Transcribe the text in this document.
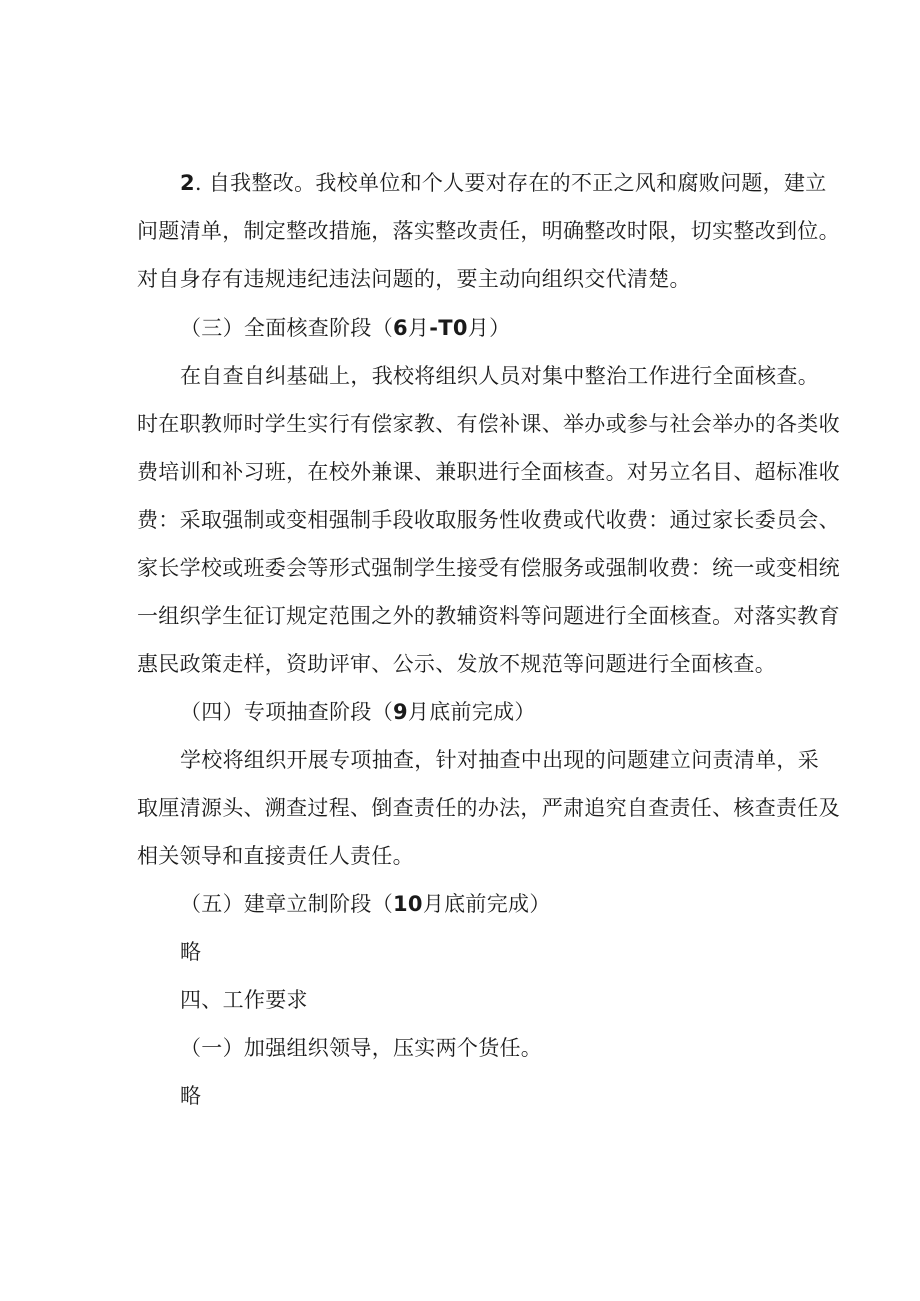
2. 自我整改。我校单位和个人要对存在的不正之风和腐败问题，建立
问题清单，制定整改措施，落实整改责任，明确整改时限，切实整改到位。
对自身存有违规违纪违法问题的，要主动向组织交代清楚。
（三）全面核查阶段（6月-T0月）
在自查自纠基础上，我校将组织人员对集中整治工作进行全面核查。
时在职教师时学生实行有偿家教、有偿补课、举办或参与社会举办的各类收
费培训和补习班，在校外兼课、兼职进行全面核查。对另立名目、超标准收
费：采取强制或变相强制手段收取服务性收费或代收费：通过家长委员会、
家长学校或班委会等形式强制学生接受有偿服务或强制收费：统一或变相统
一组织学生征订规定范围之外的教辅资料等问题进行全面核查。对落实教育
惠民政策走样，资助评审、公示、发放不规范等问题进行全面核查。
（四）专项抽查阶段（9月底前完成）
学校将组织开展专项抽查，针对抽查中出现的问题建立问责清单，采
取厘清源头、溯查过程、倒查责任的办法，严肃追究自查责任、核查责任及
相关领导和直接责任人责任。
（五）建章立制阶段（10月底前完成）
略
四、工作要求
（一）加强组织领导，压实两个货任。
略
